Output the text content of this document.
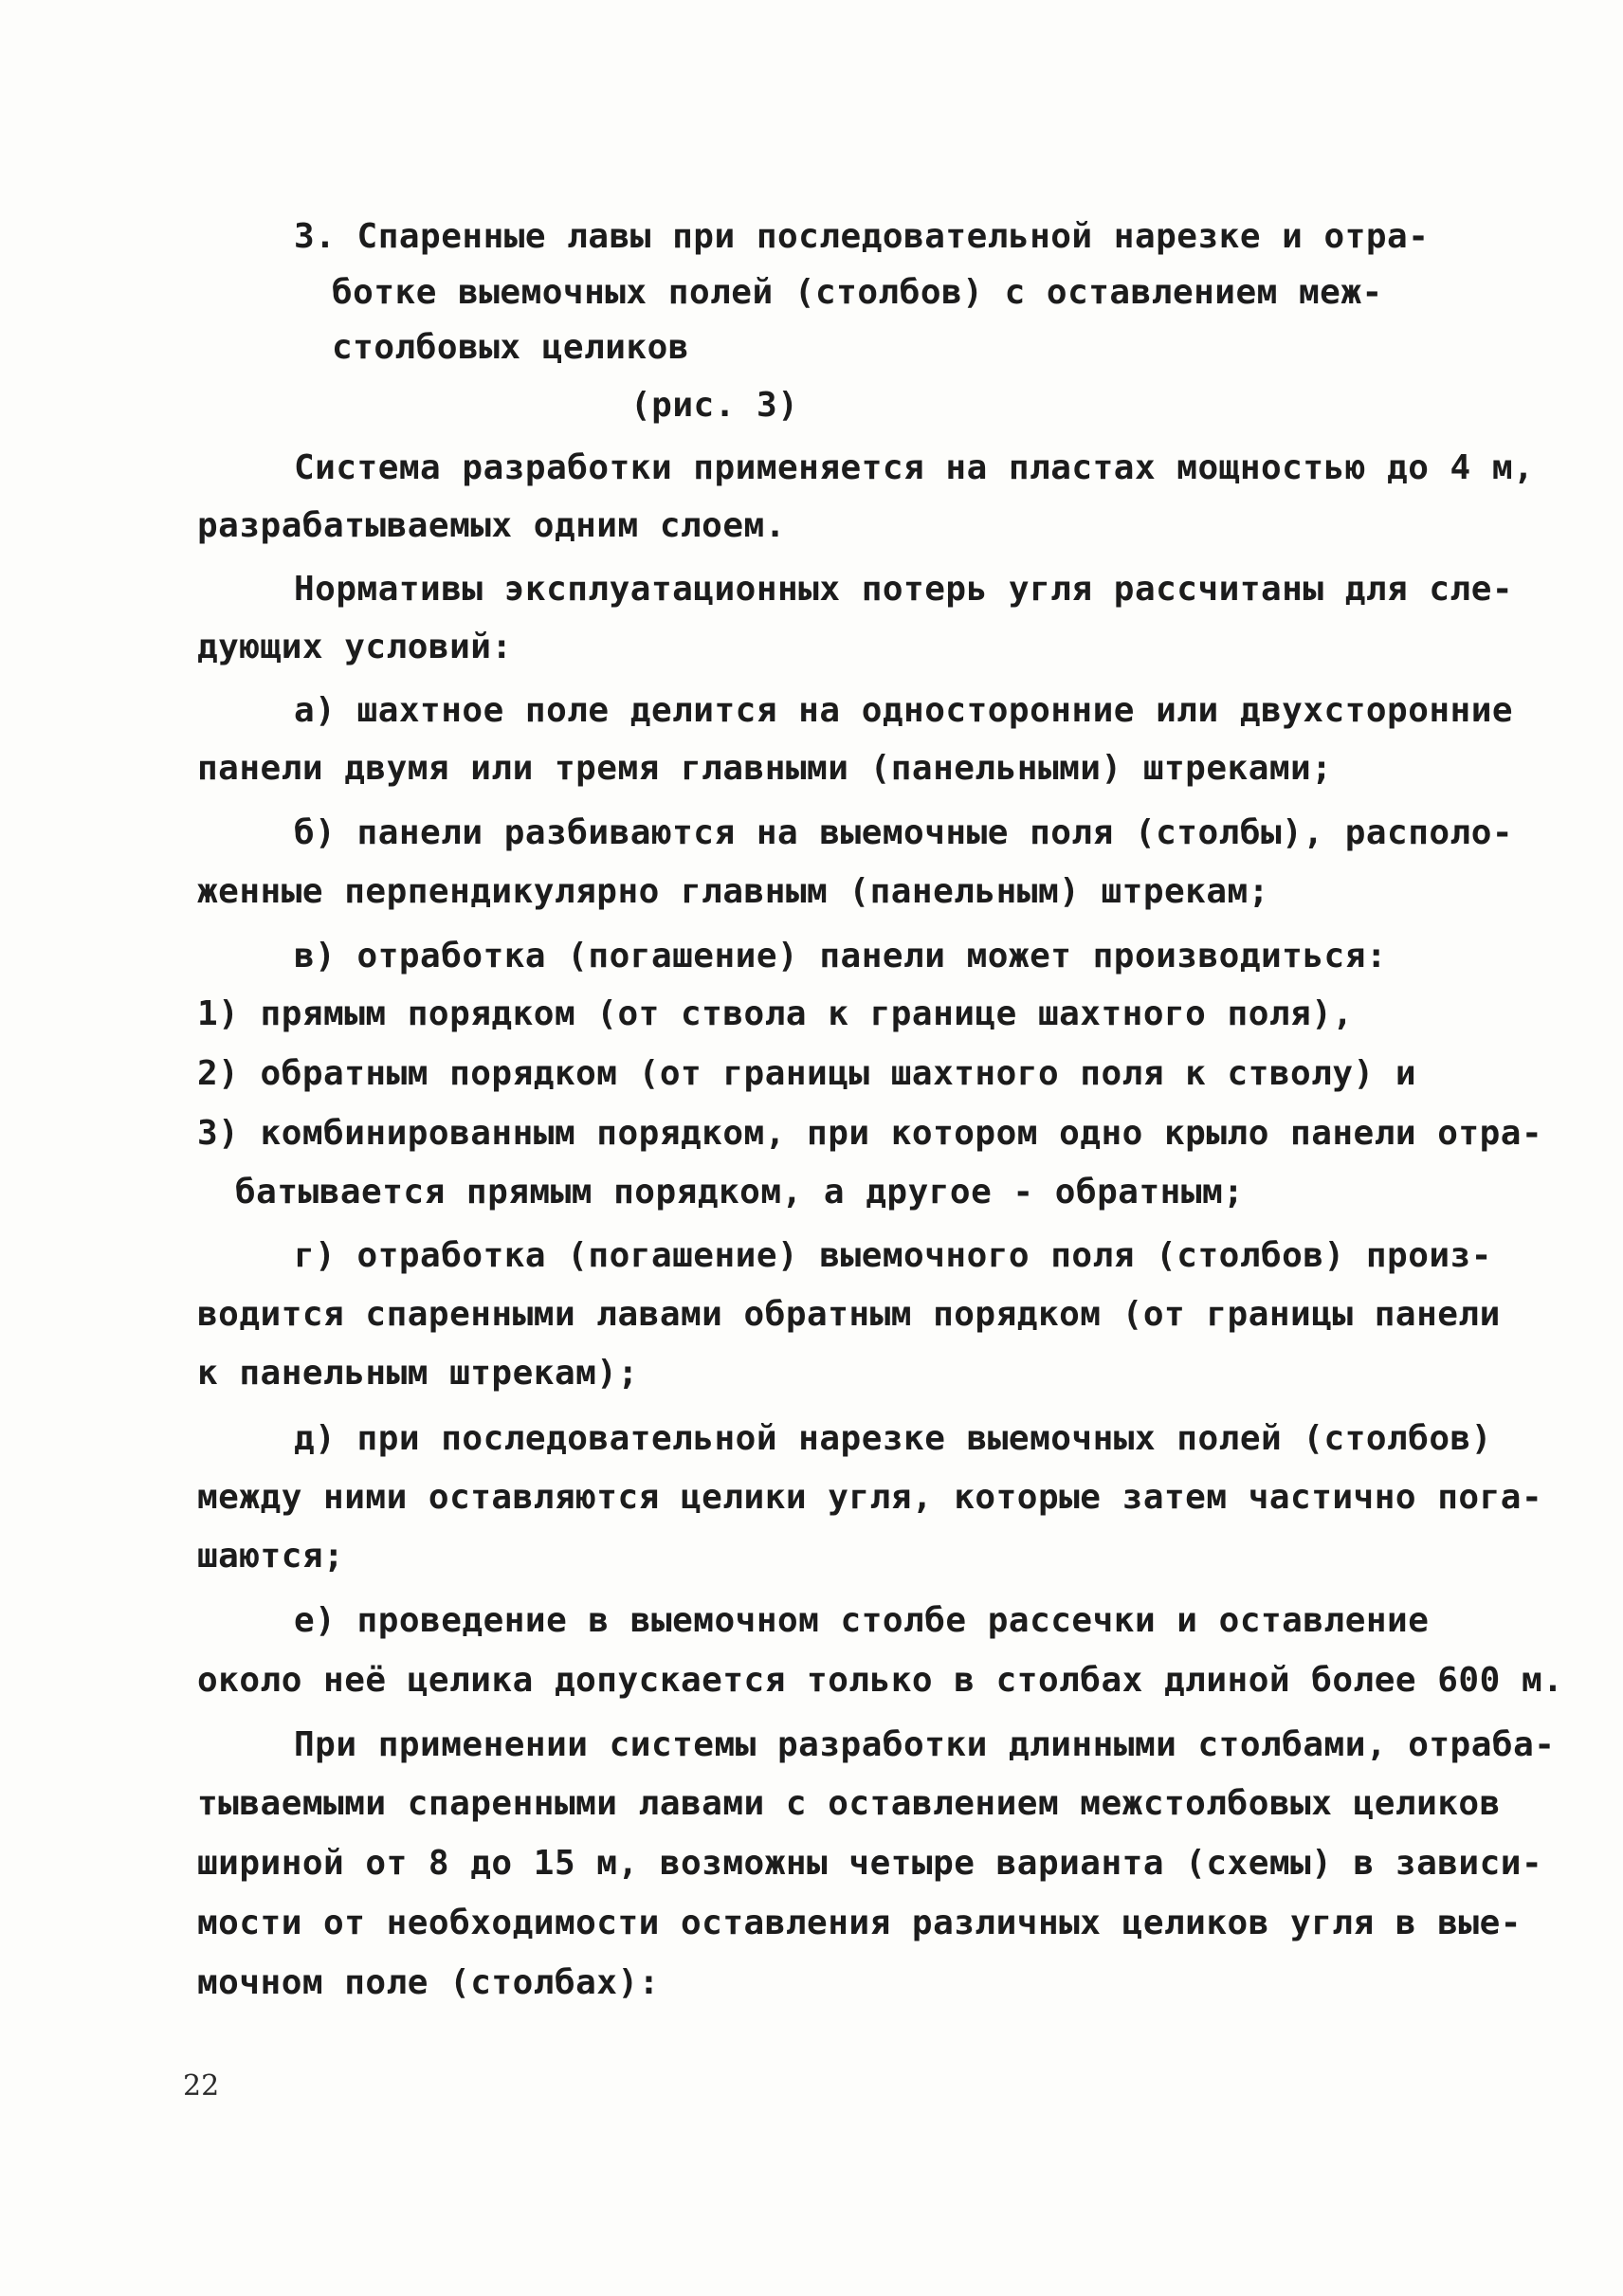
3. Спаренные лавы при последовательной нарезке и отра-
ботке выемочных полей (столбов) с оставлением меж-
столбовых целиков
(рис. 3)
Система разработки применяется на пластах мощностью до 4 м,
разрабатываемых одним слоем.
Нормативы эксплуатационных потерь угля рассчитаны для сле-
дующих условий:
а) шахтное поле делится на односторонние или двухсторонние
панели двумя или тремя главными (панельными) штреками;
б) панели разбиваются на выемочные поля (столбы), располо-
женные перпендикулярно главным (панельным) штрекам;
в) отработка (погашение) панели может производиться:
1) прямым порядком (от ствола к границе шахтного поля),
2) обратным порядком (от границы шахтного поля к стволу) и
3) комбинированным порядком, при котором одно крыло панели отра-
батывается прямым порядком, а другое - обратным;
г) отработка (погашение) выемочного поля (столбов) произ-
водится спаренными лавами обратным порядком (от границы панели
к панельным штрекам);
д) при последовательной нарезке выемочных полей (столбов)
между ними оставляются целики угля, которые затем частично пога-
шаются;
е) проведение в выемочном столбе рассечки и оставление
около неё целика допускается только в столбах длиной более 600 м.
При применении системы разработки длинными столбами, отраба-
тываемыми спаренными лавами с оставлением межстолбовых целиков
шириной от 8 до 15 м, возможны четыре варианта (схемы) в зависи-
мости от необходимости оставления различных целиков угля в вые-
мочном поле (столбах):
22
